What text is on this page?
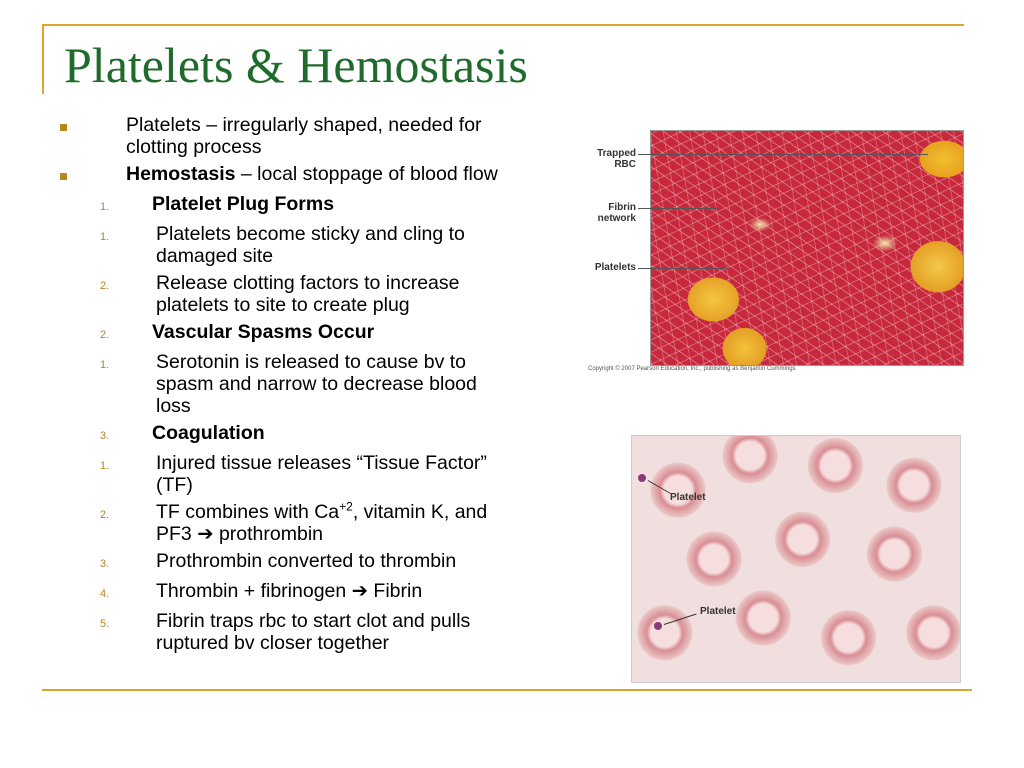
Platelets & Hemostasis
Platelets – irregularly shaped, needed for clotting process
Hemostasis – local stoppage of blood flow
1.	Platelet Plug Forms
1.	Platelets become sticky and cling to damaged site
2.	Release clotting factors to increase platelets to site to create plug
2.	Vascular Spasms Occur
1.	Serotonin is released to cause bv to spasm and narrow to decrease blood loss
3.	Coagulation
1.	Injured tissue releases “Tissue Factor” (TF)
2.	TF combines with $Ca^{+2}$, vitamin K, and PF3 ➔ prothrombin
3.	Prothrombin converted to thrombin
4.	Thrombin + fibrinogen ➔ Fibrin
5.	Fibrin traps rbc to start clot and pulls ruptured bv closer together
Trapped RBC
Fibrin network
Platelets
Copyright © 2007 Pearson Education, Inc., publishing as Benjamin Cummings
Platelet
Platelet
